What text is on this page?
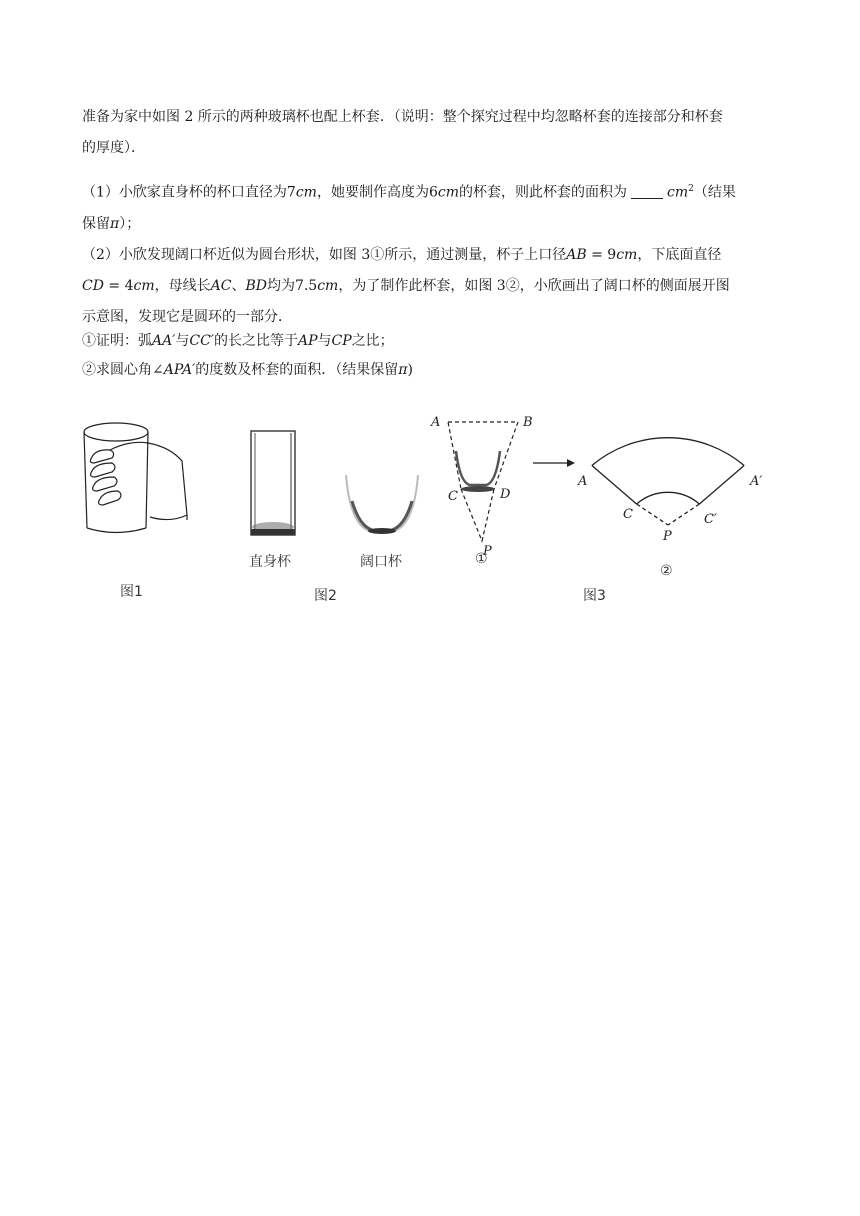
准备为家中如图 2 所示的两种玻璃杯也配上杯套．（说明：整个探究过程中均忽略杯套的连接部分和杯套
的厚度）．

（1）小欣家直身杯的杯口直径为7cm，她要制作高度为6cm的杯套，则此杯套的面积为	$cm^2$（结果
保留π）；

（2）小欣发现阔口杯近似为圆台形状，如图 3①所示，通过测量，杯子上口径AB = 9cm，下底面直径
CD = 4cm，母线长AC、BD均为7.5cm，为了制作此杯套，如图 3②，小欣画出了阔口杯的侧面展开图
示意图，发现它是圆环的一部分．

①证明：弧AA′与CC′的长之比等于AP与CP之比；

②求圆心角∠APA′的度数及杯套的面积．（结果保留π)

A	B
C	D
P
A	A′
C	C′
P
直身杯	阔口杯	①
②
图1	图2	图3
